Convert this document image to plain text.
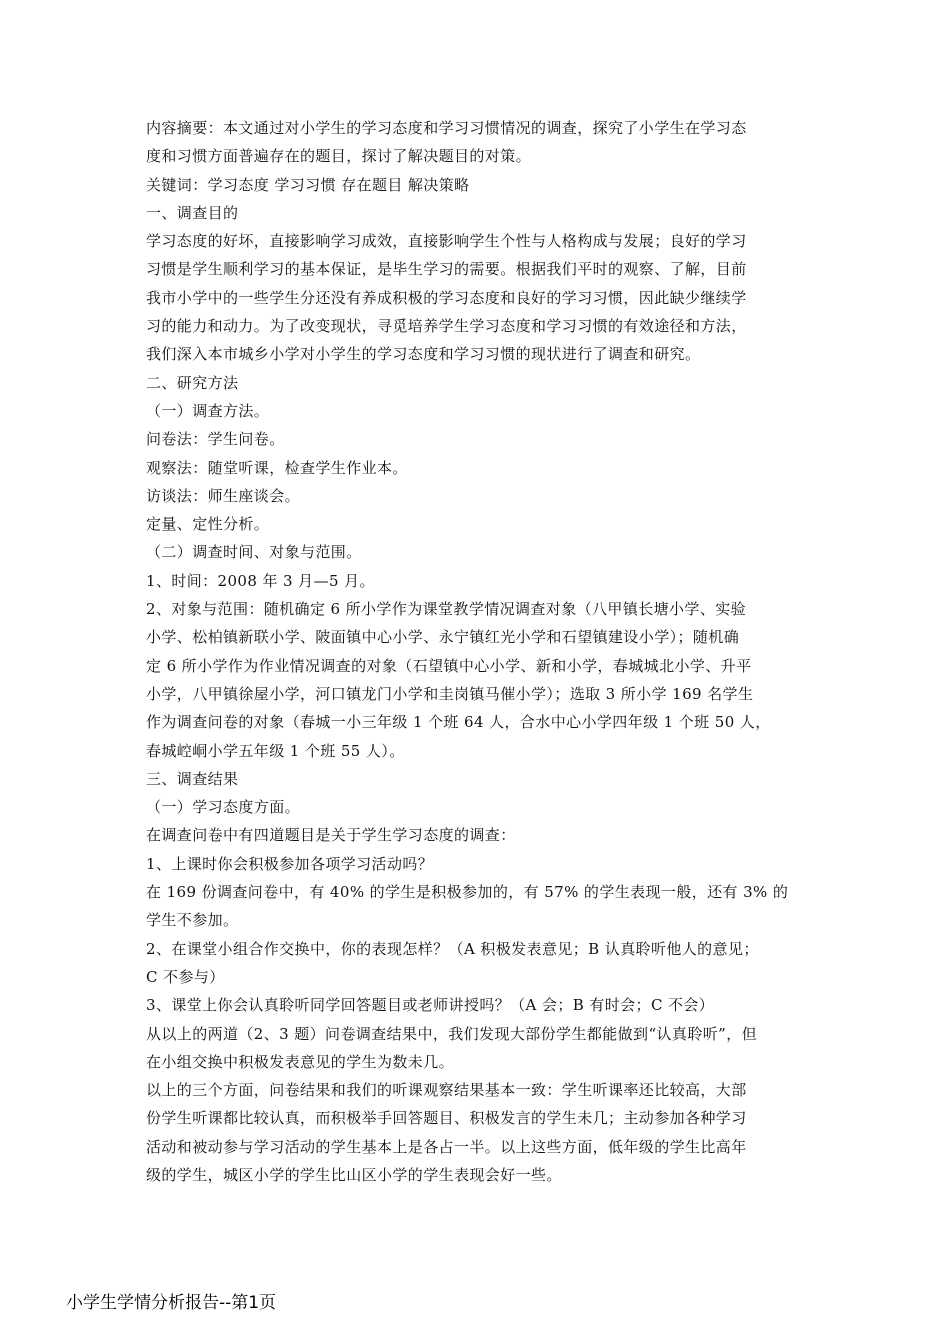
内容摘要：本文通过对小学生的学习态度和学习习惯情况的调查，探究了小学生在学习态
度和习惯方面普遍存在的题目，探讨了解决题目的对策。
关键词：学习态度 学习习惯 存在题目 解决策略
一、调查目的
学习态度的好坏，直接影响学习成效，直接影响学生个性与人格构成与发展；良好的学习
习惯是学生顺利学习的基本保证，是毕生学习的需要。根据我们平时的观察、了解，目前
我市小学中的一些学生分还没有养成积极的学习态度和良好的学习习惯，因此缺少继续学
习的能力和动力。为了改变现状，寻觅培养学生学习态度和学习习惯的有效途径和方法，
我们深入本市城乡小学对小学生的学习态度和学习习惯的现状进行了调查和研究。
二、研究方法
（一）调查方法。
问卷法：学生问卷。
观察法：随堂听课，检查学生作业本。
访谈法：师生座谈会。
定量、定性分析。
（二）调查时间、对象与范围。
1、时间：2008 年 3 月—5 月。
2、对象与范围：随机确定 6 所小学作为课堂教学情况调查对象（八甲镇长塘小学、实验
小学、松柏镇新联小学、陂面镇中心小学、永宁镇红光小学和石望镇建设小学）；随机确
定 6 所小学作为作业情况调查的对象（石望镇中心小学、新和小学，春城城北小学、升平
小学，八甲镇徐屋小学，河口镇龙门小学和圭岗镇马催小学）；选取 3 所小学 169 名学生
作为调查问卷的对象（春城一小三年级 1 个班 64 人，合水中心小学四年级 1 个班 50 人，
春城崆峒小学五年级 1 个班 55 人）。
三、调查结果
（一）学习态度方面。
在调查问卷中有四道题目是关于学生学习态度的调查：
1、上课时你会积极参加各项学习活动吗？
在 169 份调查问卷中，有 40% 的学生是积极参加的，有 57% 的学生表现一般，还有 3% 的
学生不参加。
2、在课堂小组合作交换中，你的表现怎样？（A 积极发表意见；B 认真聆听他人的意见；
C 不参与）
3、课堂上你会认真聆听同学回答题目或老师讲授吗？（A 会；B 有时会；C 不会）
从以上的两道（2、3 题）问卷调查结果中，我们发现大部份学生都能做到“认真聆听”，但
在小组交换中积极发表意见的学生为数未几。
以上的三个方面，问卷结果和我们的听课观察结果基本一致：学生听课率还比较高，大部
份学生听课都比较认真，而积极举手回答题目、积极发言的学生未几；主动参加各种学习
活动和被动参与学习活动的学生基本上是各占一半。以上这些方面，低年级的学生比高年
级的学生，城区小学的学生比山区小学的学生表现会好一些。
小学生学情分析报告--第1页
